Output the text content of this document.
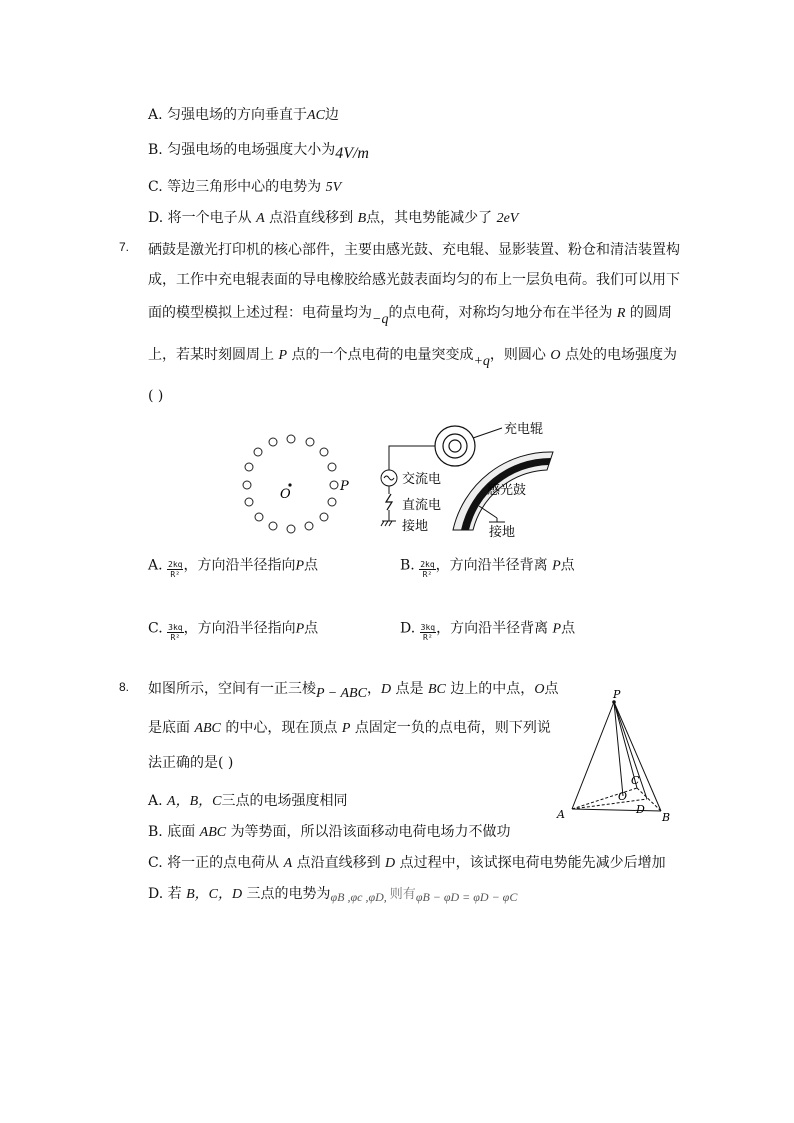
A. 匀强电场的方向垂直于AC边
B. 匀强电场的电场强度大小为4V/m
C. 等边三角形中心的电势为 5V
D. 将一个电子从 A 点沿直线移到 B点，其电势能减少了 2eV
7. 硒鼓是激光打印机的核心部件，主要由感光鼓、充电辊、显影装置、粉仓和清洁装置构
成，工作中充电辊表面的导电橡胶给感光鼓表面均匀的布上一层负电荷。我们可以用下
面的模型模拟上述过程：电荷量均为−q的点电荷，对称均匀地分布在半径为 R 的圆周
上，若某时刻圆周上 P 点的一个点电荷的电量突变成+q，则圆心 O 点处的电场强度为
( )
O
P
充电辊
感光鼓
交流电
直流电
接地	接地
A. $\frac{2kq}{\text{R²}}$ ，方向沿半径指向P点	B. $\frac{2kq}{\text{R²}}$ ，方向沿半径背离 P点
C. $\frac{3kq}{\text{R²}}$ ，方向沿半径指向P点	D. $\frac{3kq}{\text{R²}}$ ，方向沿半径背离 P点
8. 如图所示，空间有一正三棱P − ABC，D 点是 BC 边上的中点，O点
是底面 ABC 的中心，现在顶点 P 点固定一负的点电荷，则下列说
法正确的是( )
P
A	B
C
O
D
A. A，B，C三点的电场强度相同
B. 底面 ABC 为等势面，所以沿该面移动电荷电场力不做功
C. 将一正的点电荷从 A 点沿直线移到 D 点过程中，该试探电荷电势能先减少后增加
D. 若 B，C，D 三点的电势为φB ,φc ,φD, 则有φB − φD = φD − φC
